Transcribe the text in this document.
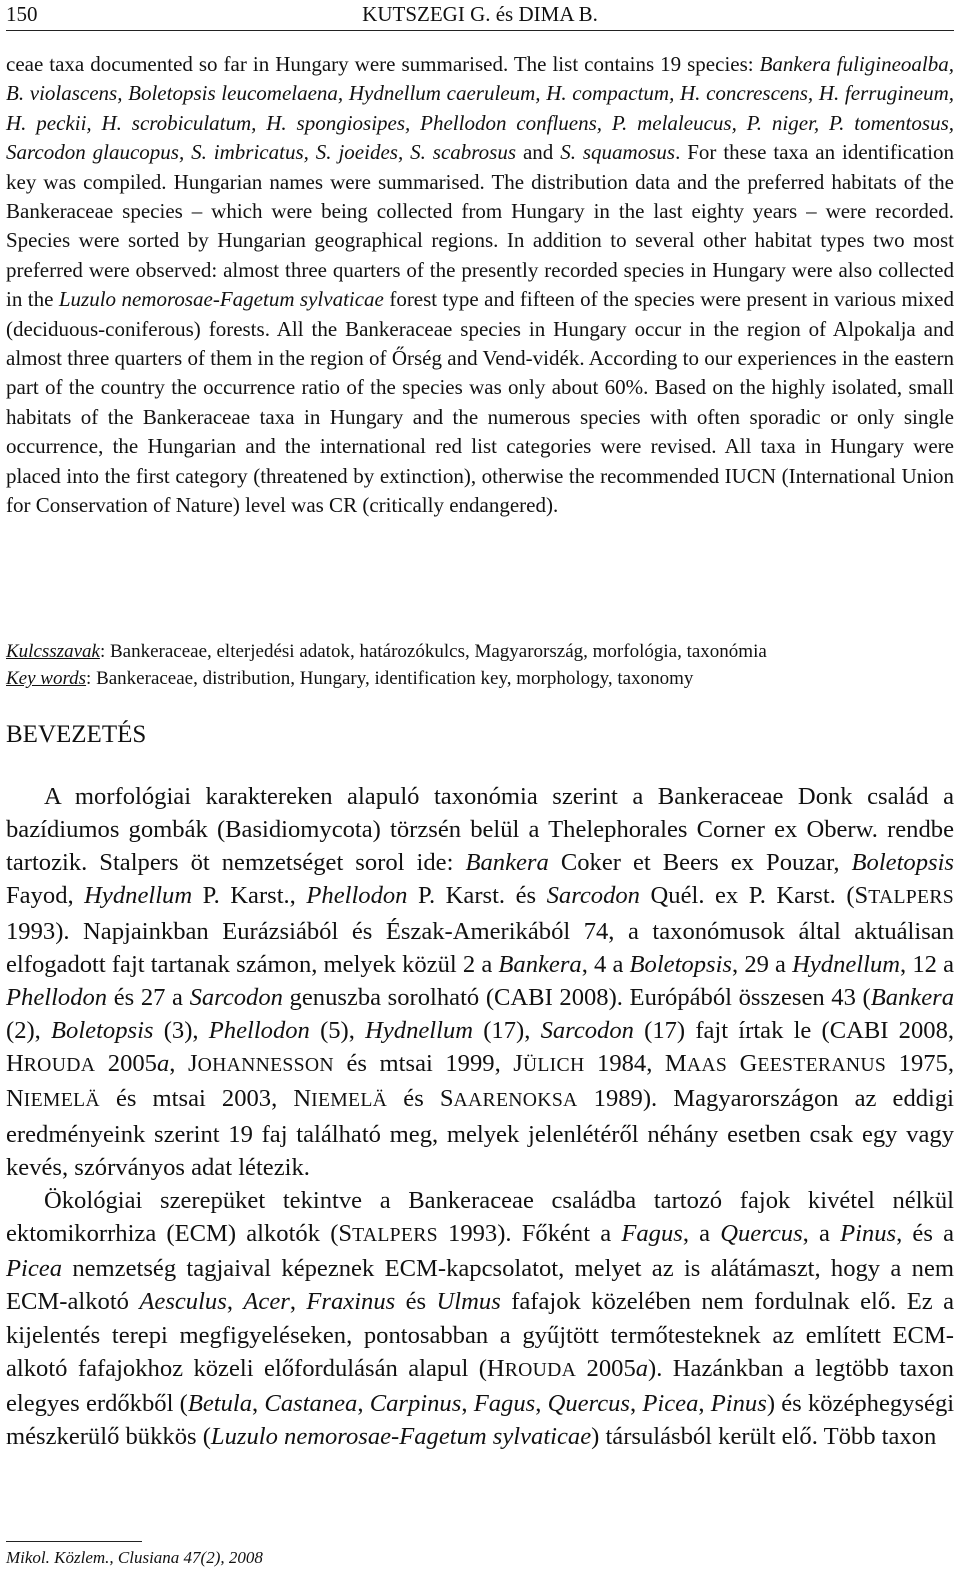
150	KUTSZEGI G. és DIMA B.
ceae taxa documented so far in Hungary were summarised. The list contains 19 species: Bankera fuligineoalba, B. violascens, Boletopsis leucomelaena, Hydnellum caeruleum, H. compactum, H. concrescens, H. ferrugineum, H. peckii, H. scrobiculatum, H. spongiosipes, Phellodon confluens, P. melaleucus, P. niger, P. tomentosus, Sarcodon glaucopus, S. imbricatus, S. joeides, S. scabrosus and S. squamosus. For these taxa an identification key was compiled. Hungarian names were summarised. The distribution data and the preferred habitats of the Bankeraceae species – which were being collected from Hungary in the last eighty years – were recorded. Species were sorted by Hungarian geographical regions. In addition to several other habitat types two most preferred were observed: almost three quarters of the presently recorded species in Hungary were also collected in the Luzulo nemorosae-Fagetum sylvaticae forest type and fifteen of the species were present in various mixed (deciduous-coniferous) forests. All the Bankeraceae species in Hungary occur in the region of Alpokalja and almost three quarters of them in the region of Őrség and Vend-vidék. According to our experiences in the eastern part of the country the occurrence ratio of the species was only about 60%. Based on the highly isolated, small habitats of the Bankeraceae taxa in Hungary and the numerous species with often sporadic or only single occurrence, the Hungarian and the international red list categories were revised. All taxa in Hungary were placed into the first category (threatened by extinction), otherwise the recommended IUCN (International Union for Conservation of Nature) level was CR (critically endangered).
Kulcsszavak: Bankeraceae, elterjedési adatok, határozókulcs, Magyarország, morfológia, taxonómia
Key words: Bankeraceae, distribution, Hungary, identification key, morphology, taxonomy
BEVEZETÉS

A morfológiai karaktereken alapuló taxonómia szerint a Bankeraceae Donk család a bazídiumos gombák (Basidiomycota) törzsén belül a Thelephorales Corner ex Oberw. rendbe tartozik. Stalpers öt nemzetséget sorol ide: Bankera Coker et Beers ex Pouzar, Boletopsis Fayod, Hydnellum P. Karst., Phellodon P. Karst. és Sarcodon Quél. ex P. Karst. (STALPERS 1993). Napjainkban Eurázsiából és Észak-Amerikából 74, a taxonómusok által aktuálisan elfogadott fajt tartanak számon, melyek közül 2 a Bankera, 4 a Boletopsis, 29 a Hydnellum, 12 a Phellodon és 27 a Sarcodon genuszba sorolható (CABI 2008). Európából összesen 43 (Bankera (2), Boletopsis (3), Phellodon (5), Hydnellum (17), Sarcodon (17) fajt írtak le (CABI 2008, HROUDA 2005a, JOHANNESSON és mtsai 1999, JÜLICH 1984, MAAS GEESTERANUS 1975, NIEMELÄ és mtsai 2003, NIEMELÄ és SAARENOKSA 1989). Magyarországon az eddigi eredményeink szerint 19 faj található meg, melyek jelenlétéről néhány esetben csak egy vagy kevés, szórványos adat létezik.

Ökológiai szerepüket tekintve a Bankeraceae családba tartozó fajok kivétel nélkül ektomikorrhiza (ECM) alkotók (STALPERS 1993). Főként a Fagus, a Quercus, a Pinus, és a Picea nemzetség tagjaival képeznek ECM-kapcsolatot, melyet az is alátámaszt, hogy a nem ECM-alkotó Aesculus, Acer, Fraxinus és Ulmus fafajok közelében nem fordulnak elő. Ez a kijelentés terepi megfigyeléseken, pontosabban a gyűjtött termőtesteknek az említett ECM-alkotó fafajokhoz közeli előfordulásán alapul (HROUDA 2005a). Hazánkban a legtöbb taxon elegyes erdőkből (Betula, Castanea, Carpinus, Fagus, Quercus, Picea, Pinus) és középhegységi mészkerülő bükkös (Luzulo nemorosae-Fagetum sylvaticae) társulásból került elő. Több taxon

Mikol. Közlem., Clusiana 47(2), 2008
